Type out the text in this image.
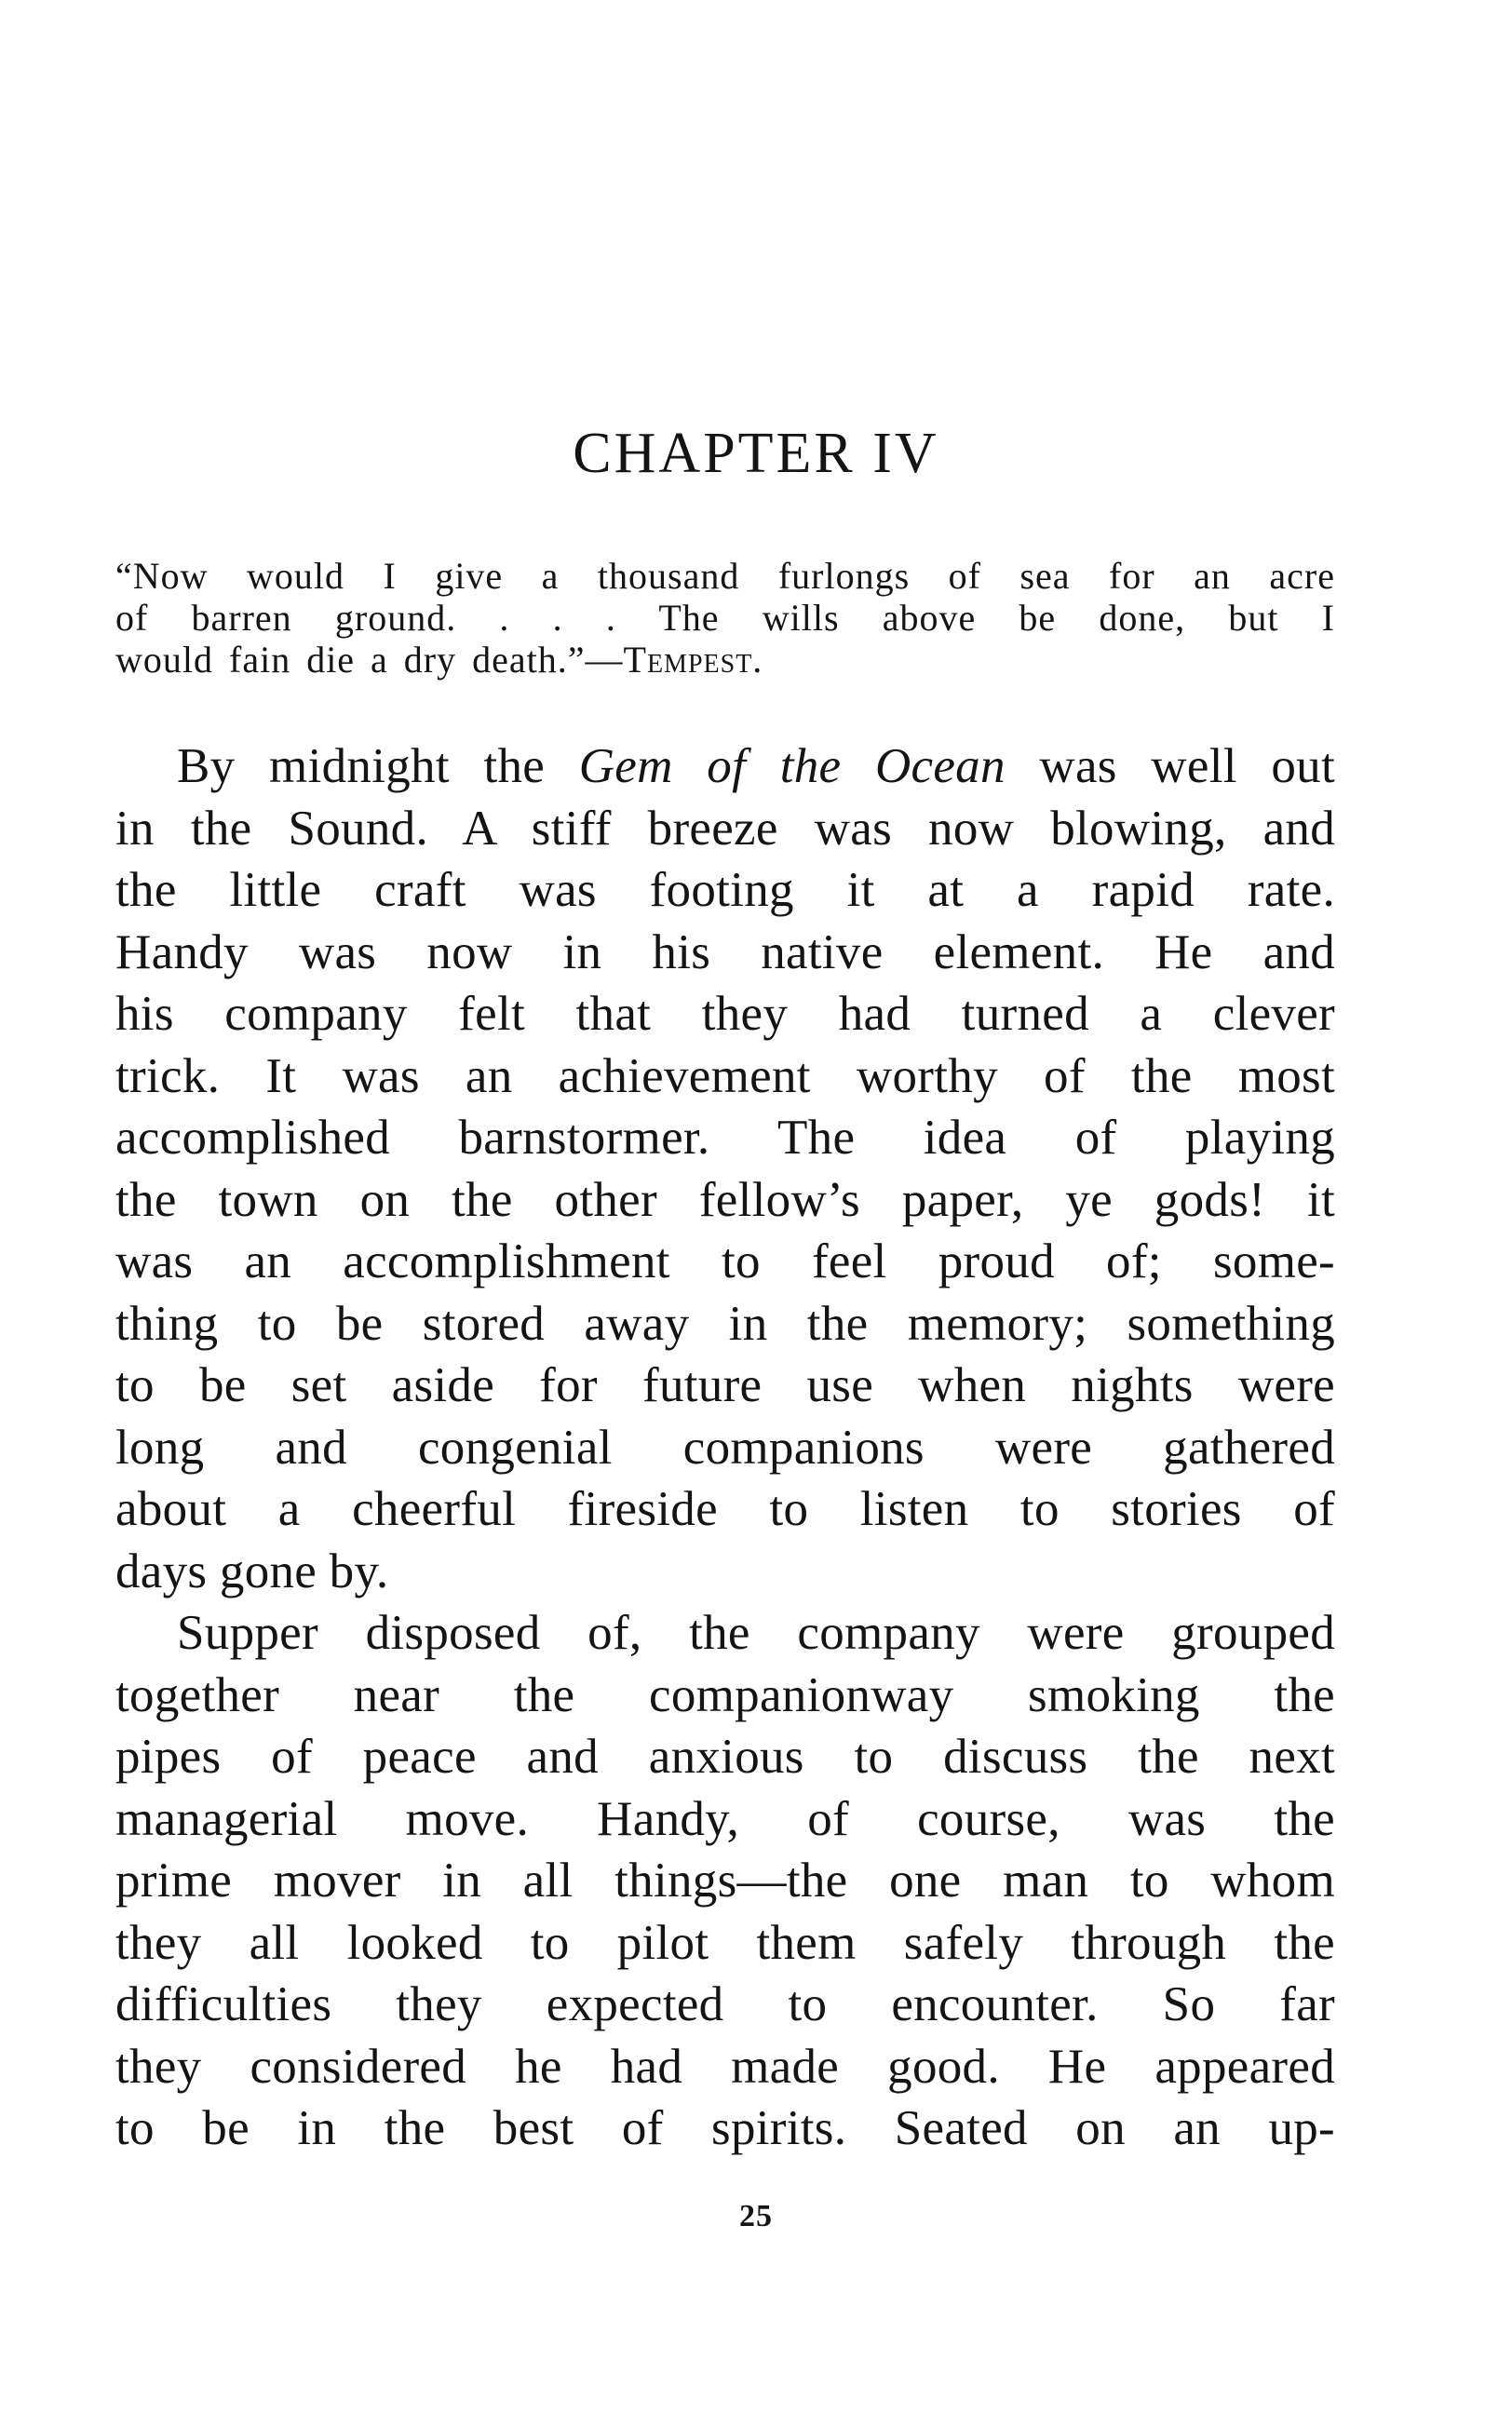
CHAPTER IV
“Now would I give a thousand furlongs of sea for an acre
of barren ground. . . . The wills above be done, but I
would fain die a dry death.”—Tempest.
By midnight the Gem of the Ocean was well out
in the Sound. A stiff breeze was now blowing, and
the little craft was footing it at a rapid rate.
Handy was now in his native element. He and
his company felt that they had turned a clever
trick. It was an achievement worthy of the most
accomplished barnstormer. The idea of playing
the town on the other fellow’s paper, ye gods! it
was an accomplishment to feel proud of; some-
thing to be stored away in the memory; something
to be set aside for future use when nights were
long and congenial companions were gathered
about a cheerful fireside to listen to stories of
days gone by.
Supper disposed of, the company were grouped
together near the companionway smoking the
pipes of peace and anxious to discuss the next
managerial move. Handy, of course, was the
prime mover in all things—the one man to whom
they all looked to pilot them safely through the
difficulties they expected to encounter. So far
they considered he had made good. He appeared
to be in the best of spirits. Seated on an up-
25
